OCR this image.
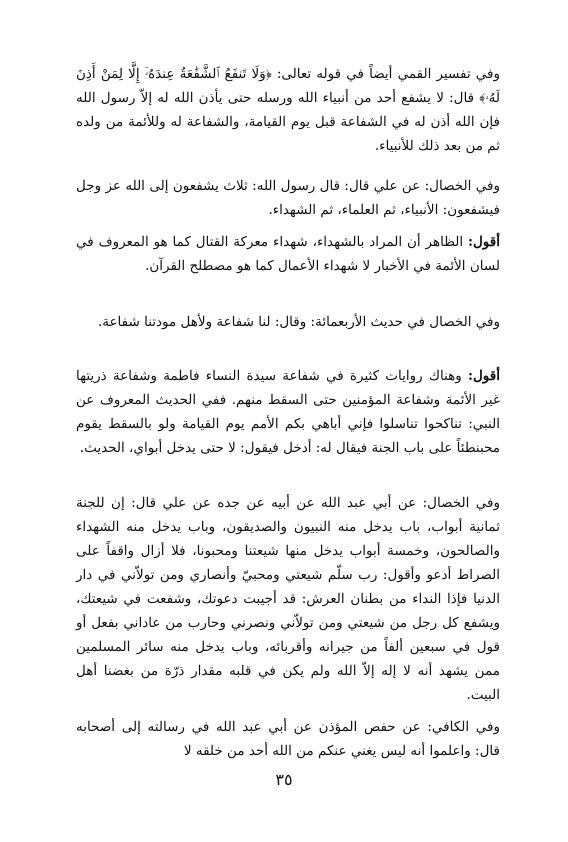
وفي تفسير القمي أيضاً في قوله تعالى: ﴿وَلَا تَنفَعُ ٱلشَّفَٰعَةُ عِندَهُۥٓ إِلَّا لِمَنْ أَذِنَ لَهُۥ﴾ قال: لا يشفع أحد من أنبياء الله ورسله حتى يأذن الله له إلاّ رسول الله فإن الله أذن له في الشفاعة قبل يوم القيامة، والشفاعة له وللأئمة من ولده ثم من بعد ذلك للأنبياء.

وفي الخصال: عن علي قال: قال رسول الله: ثلاث يشفعون إلى الله عز وجل فيشفعون: الأنبياء، ثم العلماء، ثم الشهداء.

أقول: الظاهر أن المراد بالشهداء، شهداء معركة القتال كما هو المعروف في لسان الأئمة في الأخبار لا شهداء الأعمال كما هو مصطلح القرآن.

وفي الخصال في حديث الأربعمائة: وقال: لنا شفاعة ولأهل مودتنا شفاعة.

أقول: وهناك روايات كثيرة في شفاعة سيدة النساء فاطمة وشفاعة ذريتها غير الأئمة وشفاعة المؤمنين حتى السقط منهم. ففي الحديث المعروف عن النبي: تناكحوا تناسلوا فإني أباهي بكم الأمم يوم القيامة ولو بالسقط يقوم محبنطئاً على باب الجنة فيقال له: أدخل فيقول: لا حتى يدخل أبواي، الحديث.

وفي الخصال: عن أبي عبد الله عن أبيه عن جده عن علي قال: إن للجنة ثمانية أبواب، باب يدخل منه النبيون والصديقون، وباب يدخل منه الشهداء والصالحون، وخمسة أبواب يدخل منها شيعتنا ومحبونا، فلا أزال واقفاً على الصراط أدعو وأقول: رب سلّم شيعتي ومحبيّ وأنصاري ومن تولاّني في دار الدنيا فإذا النداء من بطنان العرش: قد أجيبت دعوتك، وشفعت في شيعتك، ويشفع كل رجل من شيعتي ومن تولاّني ونصرني وحارب من عاداني بفعل أو قول في سبعين ألفاً من جيرانه وأقربائه، وباب يدخل منه سائر المسلمين ممن يشهد أنه لا إله إلاّ الله ولم يكن في قلبه مقدار ذرّة من بغضنا أهل البيت.

وفي الكافي: عن حفص المؤذن عن أبي عبد الله في رسالته إلى أصحابه قال: واعلموا أنه ليس يغني عنكم من الله أحد من خلقه لا

٣٥
